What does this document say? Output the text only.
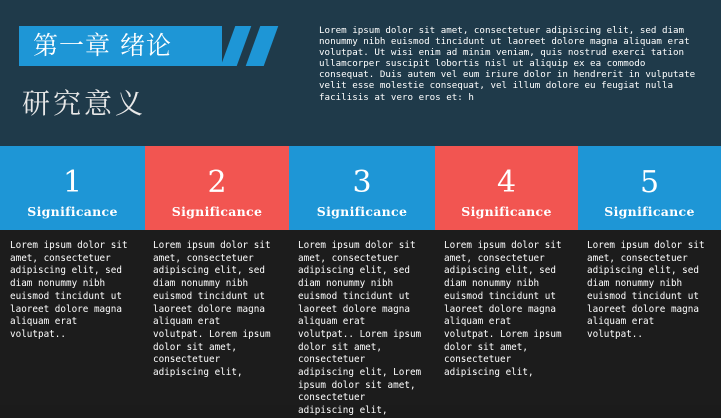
第一章 绪论
研究意义
Lorem ipsum dolor sit amet, consectetuer adipiscing elit, sed diam nonummy nibh euismod tincidunt ut laoreet dolore magna aliquam erat volutpat. Ut wisi enim ad minim veniam, quis nostrud exerci tation ullamcorper suscipit lobortis nisl ut aliquip ex ea commodo consequat. Duis autem vel eum iriure dolor in hendrerit in vulputate velit esse molestie consequat, vel illum dolore eu feugiat nulla facilisis at vero eros et: h
1
Significance
2
Significance
3
Significance
4
Significance
5
Significance
Lorem ipsum dolor sit amet, consectetuer adipiscing elit, sed diam nonummy nibh euismod tincidunt ut laoreet dolore magna aliquam erat volutpat..
Lorem ipsum dolor sit amet, consectetuer adipiscing elit, sed diam nonummy nibh euismod tincidunt ut laoreet dolore magna aliquam erat volutpat. Lorem ipsum dolor sit amet, consectetuer adipiscing elit,
Lorem ipsum dolor sit amet, consectetuer adipiscing elit, sed diam nonummy nibh euismod tincidunt ut laoreet dolore magna aliquam erat volutpat.. Lorem ipsum dolor sit amet, consectetuer adipiscing elit, Lorem ipsum dolor sit amet, consectetuer adipiscing elit,
Lorem ipsum dolor sit amet, consectetuer adipiscing elit, sed diam nonummy nibh euismod tincidunt ut laoreet dolore magna aliquam erat volutpat. Lorem ipsum dolor sit amet, consectetuer adipiscing elit,
Lorem ipsum dolor sit amet, consectetuer adipiscing elit, sed diam nonummy nibh euismod tincidunt ut laoreet dolore magna aliquam erat volutpat..
